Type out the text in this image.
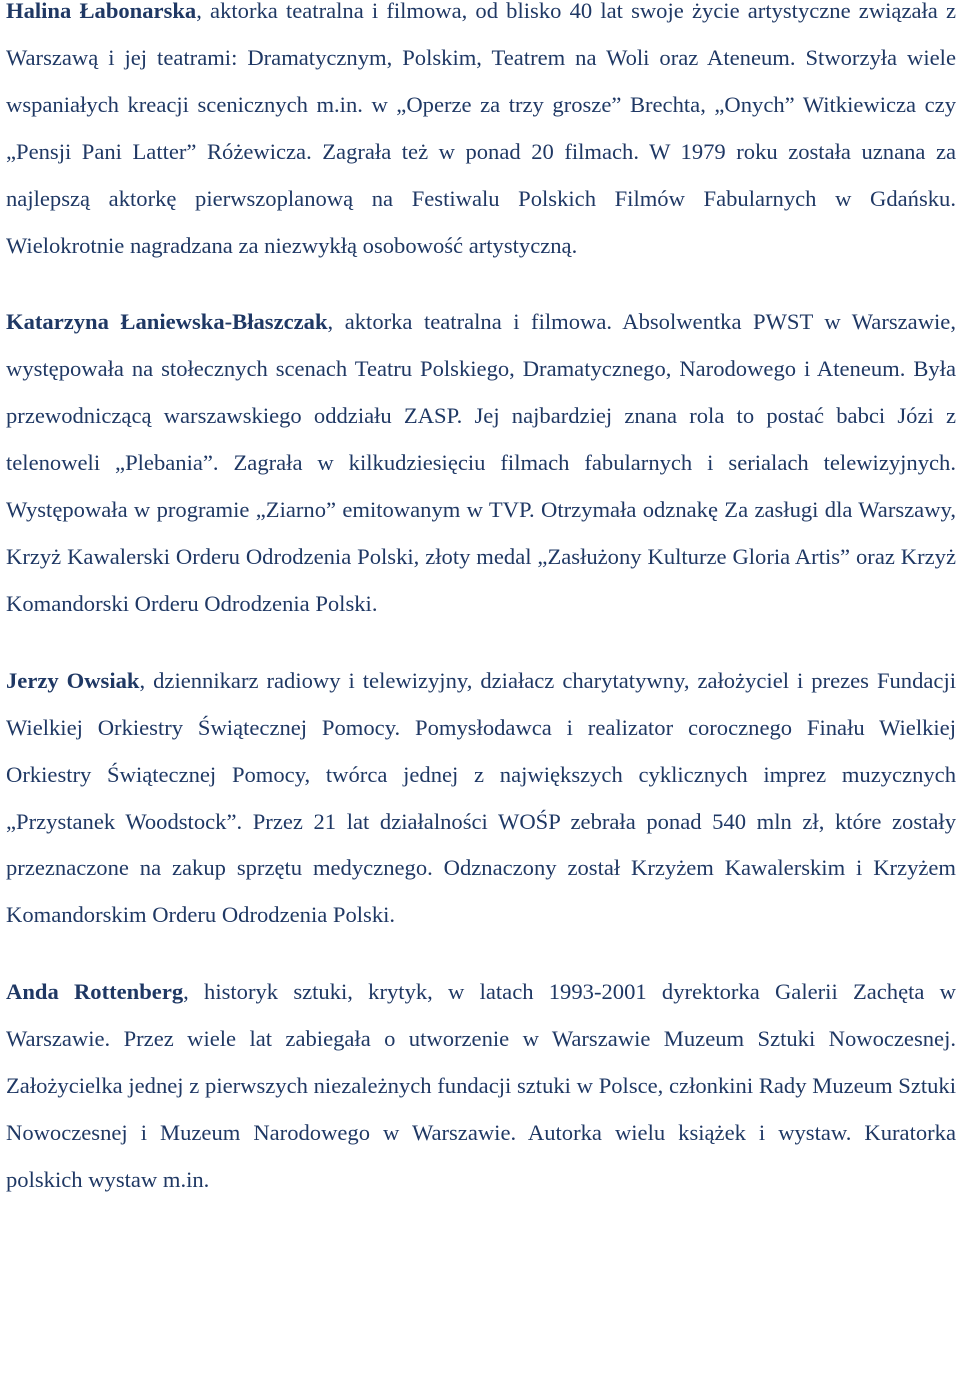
Halina Łabonarska, aktorka teatralna i filmowa, od blisko 40 lat swoje życie artystyczne związała z Warszawą i jej teatrami: Dramatycznym, Polskim, Teatrem na Woli oraz Ateneum. Stworzyła wiele wspaniałych kreacji scenicznych m.in. w „Operze za trzy grosze” Brechta, „Onych” Witkiewicza czy „Pensji Pani Latter” Różewicza. Zagrała też w ponad 20 filmach. W 1979 roku została uznana za najlepszą aktorkę pierwszoplanową na Festiwalu Polskich Filmów Fabularnych w Gdańsku. Wielokrotnie nagradzana za niezwykłą osobowość artystyczną.

Katarzyna Łaniewska-Błaszczak, aktorka teatralna i filmowa. Absolwentka PWST w Warszawie, występowała na stołecznych scenach Teatru Polskiego, Dramatycznego, Narodowego i Ateneum. Była przewodniczącą warszawskiego oddziału ZASP. Jej najbardziej znana rola to postać babci Józi z telenoweli „Plebania”. Zagrała w kilkudziesięciu filmach fabularnych i serialach telewizyjnych. Występowała w programie „Ziarno” emitowanym w TVP. Otrzymała odznakę Za zasługi dla Warszawy, Krzyż Kawalerski Orderu Odrodzenia Polski, złoty medal „Zasłużony Kulturze Gloria Artis” oraz Krzyż Komandorski Orderu Odrodzenia Polski.

Jerzy Owsiak, dziennikarz radiowy i telewizyjny, działacz charytatywny, założyciel i prezes Fundacji Wielkiej Orkiestry Świątecznej Pomocy. Pomysłodawca i realizator corocznego Finału Wielkiej Orkiestry Świątecznej Pomocy, twórca jednej z największych cyklicznych imprez muzycznych „Przystanek Woodstock”. Przez 21 lat działalności WOŚP zebrała ponad 540 mln zł, które zostały przeznaczone na zakup sprzętu medycznego. Odznaczony został Krzyżem Kawalerskim i Krzyżem Komandorskim Orderu Odrodzenia Polski.

Anda Rottenberg, historyk sztuki, krytyk, w latach 1993-2001 dyrektorka Galerii Zachęta w Warszawie. Przez wiele lat zabiegała o utworzenie w Warszawie Muzeum Sztuki Nowoczesnej. Założycielka jednej z pierwszych niezależnych fundacji sztuki w Polsce, członkini Rady Muzeum Sztuki Nowoczesnej i Muzeum Narodowego w Warszawie. Autorka wielu książek i wystaw. Kuratorka polskich wystaw m.in.
